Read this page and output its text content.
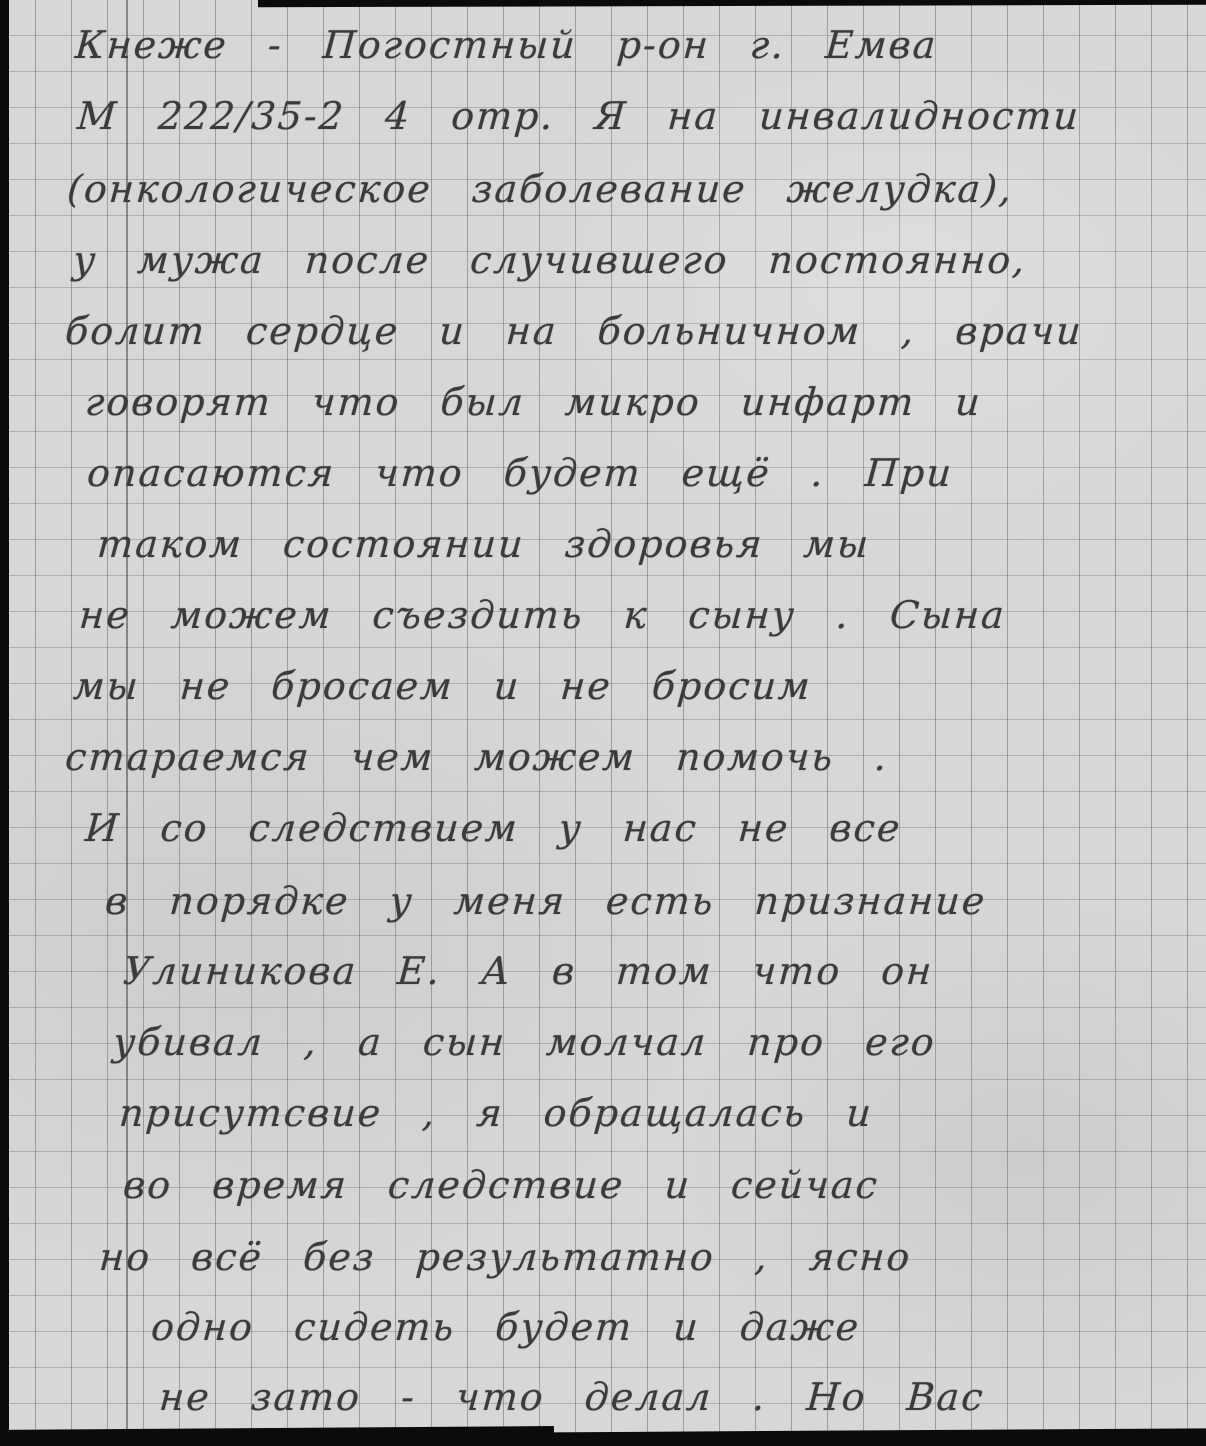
Кнеже - Погостный р-он г. Емва
М 222/35-2 4 отр. Я на инвалидности
(онкологическое заболевание желудка),
у мужа после случившего постоянно,
болит сердце и на больничном , врачи
говорят что был микро инфарт и
опасаются что будет ещё . При
таком состоянии здоровья мы
не можем съездить к сыну . Сына
мы не бросаем и не бросим
стараемся чем можем помочь .
И со следствием у нас не все
в порядке у меня есть признание
Улиникова Е. А в том что он
убивал , а сын молчал про его
присутсвие , я обращалась и
во время следствие и сейчас
но всё без результатно , ясно
одно сидеть будет и даже
не зато - что делал . Но Вас
